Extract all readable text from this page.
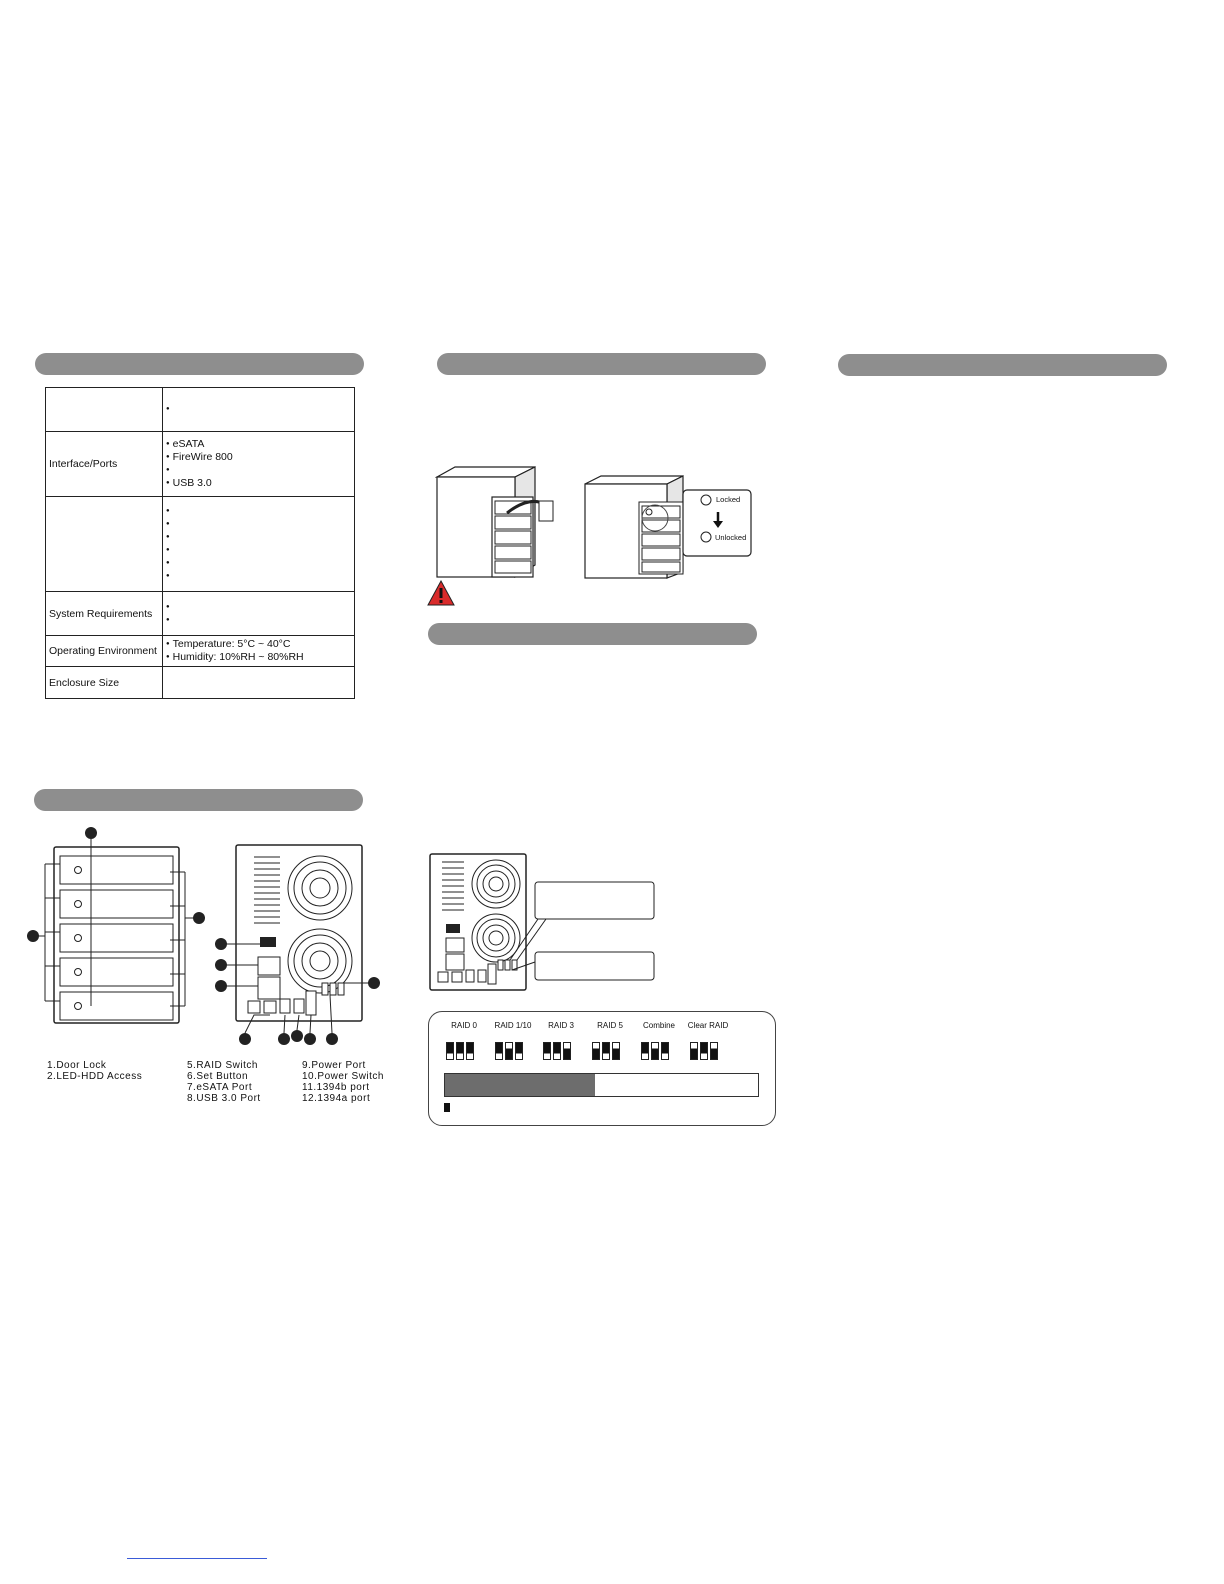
	●
Interface/Ports	● eSATA
● FireWire 800
●
● USB 3.0

●
●
●
●
●
●

System Requirements	
●
●

Operating Environment	● Temperature: 5°C ~ 40°C
● Humidity: 10%RH ~ 80%RH

Enclosure Size	
Locked
Unlocked
1.Door Lock
2.LED-HDD Access
5.RAID Switch
6.Set Button
7.eSATA Port
8.USB 3.0 Port
9.Power Port
10.Power Switch
11.1394b port
12.1394a port
RAID 0 RAID 1/10 RAID 3	RAID 5	Combine Clear RAID
